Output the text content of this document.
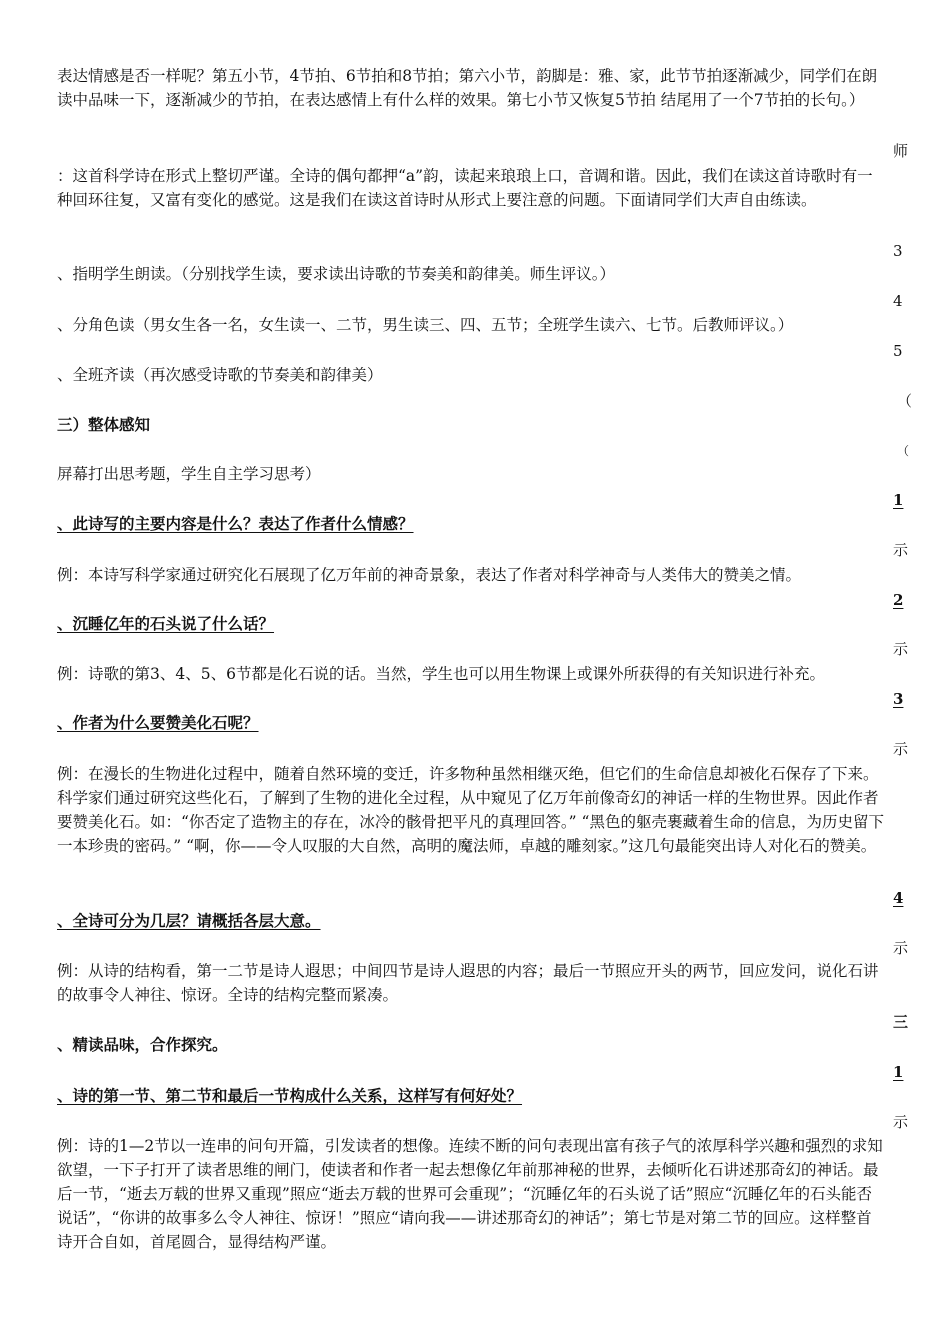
表达情感是否一样呢？第五小节，4节拍、6节拍和8节拍；第六小节，韵脚是：雅、家，此节节拍逐渐减少，同学们在朗读中品味一下，逐渐减少的节拍，在表达感情上有什么样的效果。第七小节又恢复5节拍 结尾用了一个7节拍的长句。）

：这首科学诗在形式上整切严谨。全诗的偶句都押“a”韵，读起来琅琅上口，音调和谐。因此，我们在读这首诗歌时有一种回环往复，又富有变化的感觉。这是我们在读这首诗时从形式上要注意的问题。下面请同学们大声自由练读。

、指明学生朗读。（分别找学生读，要求读出诗歌的节奏美和韵律美。师生评议。）

、分角色读（男女生各一名，女生读一、二节，男生读三、四、五节；全班学生读六、七节。后教师评议。）

、全班齐读（再次感受诗歌的节奏美和韵律美）

三）整体感知

屏幕打出思考题，学生自主学习思考）

、此诗写的主要内容是什么？表达了作者什么情感？

例：本诗写科学家通过研究化石展现了亿万年前的神奇景象，表达了作者对科学神奇与人类伟大的赞美之情。

、沉睡亿年的石头说了什么话？

例：诗歌的第3、4、5、6节都是化石说的话。当然，学生也可以用生物课上或课外所获得的有关知识进行补充。

、作者为什么要赞美化石呢？

例：在漫长的生物进化过程中，随着自然环境的变迁，许多物种虽然相继灭绝，但它们的生命信息却被化石保存了下来。科学家们通过研究这些化石，了解到了生物的进化全过程，从中窥见了亿万年前像奇幻的神话一样的生物世界。因此作者要赞美化石。如：“你否定了造物主的存在，冰冷的骸骨把平凡的真理回答。” “黑色的躯壳裹藏着生命的信息，为历史留下一本珍贵的密码。” “啊，你——令人叹服的大自然，高明的魔法师，卓越的雕刻家。”这几句最能突出诗人对化石的赞美。

、全诗可分为几层？请概括各层大意。

例：从诗的结构看，第一二节是诗人遐思；中间四节是诗人遐思的内容；最后一节照应开头的两节，回应发问，说化石讲的故事令人神往、惊讶。全诗的结构完整而紧凑。

、精读品味，合作探究。

、诗的第一节、第二节和最后一节构成什么关系，这样写有何好处？

例：诗的1—2节以一连串的问句开篇，引发读者的想像。连续不断的问句表现出富有孩子气的浓厚科学兴趣和强烈的求知欲望，一下子打开了读者思维的闸门，使读者和作者一起去想像亿年前那神秘的世界，去倾听化石讲述那奇幻的神话。最后一节，“逝去万载的世界又重现”照应“逝去万载的世界可会重现”；“沉睡亿年的石头说了话”照应“沉睡亿年的石头能否说话”，“你讲的故事多么令人神往、惊讶！”照应“请向我——讲述那奇幻的神话”；第七节是对第二节的回应。这样整首诗开合自如，首尾圆合，显得结构严谨。

师
3
4
5
（
（
1
示
2
示
3
示
4
示
三
1
示
